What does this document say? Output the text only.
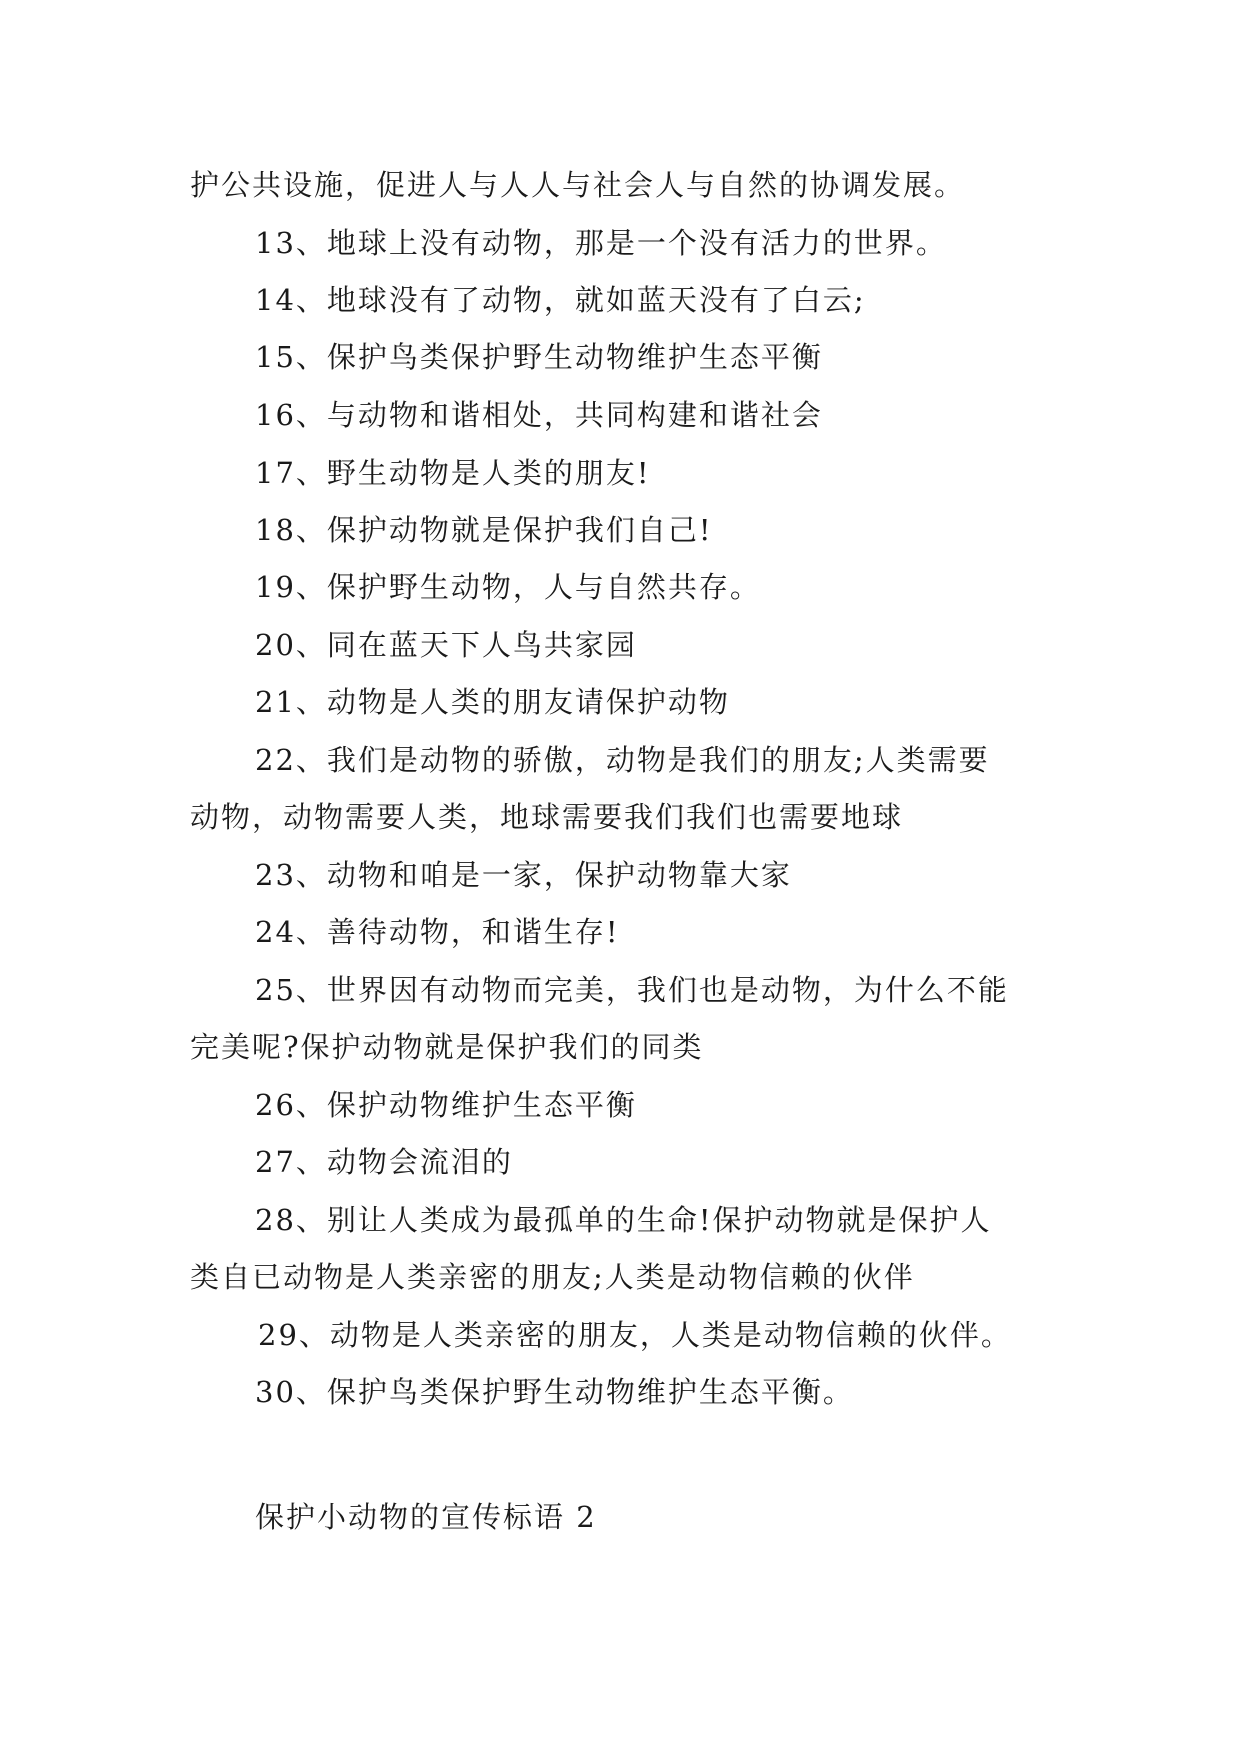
护公共设施，促进人与人人与社会人与自然的协调发展。
13、地球上没有动物，那是一个没有活力的世界。
14、地球没有了动物，就如蓝天没有了白云;
15、保护鸟类保护野生动物维护生态平衡
16、与动物和谐相处，共同构建和谐社会
17、野生动物是人类的朋友!
18、保护动物就是保护我们自己!
19、保护野生动物，人与自然共存。
20、同在蓝天下人鸟共家园
21、动物是人类的朋友请保护动物
22、我们是动物的骄傲，动物是我们的朋友;人类需要
动物，动物需要人类，地球需要我们我们也需要地球
23、动物和咱是一家，保护动物靠大家
24、善待动物，和谐生存!
25、世界因有动物而完美，我们也是动物，为什么不能
完美呢?保护动物就是保护我们的同类
26、保护动物维护生态平衡
27、动物会流泪的
28、别让人类成为最孤单的生命!保护动物就是保护人
类自已动物是人类亲密的朋友;人类是动物信赖的伙伴
29、动物是人类亲密的朋友，人类是动物信赖的伙伴。
30、保护鸟类保护野生动物维护生态平衡。
保护小动物的宣传标语 2
